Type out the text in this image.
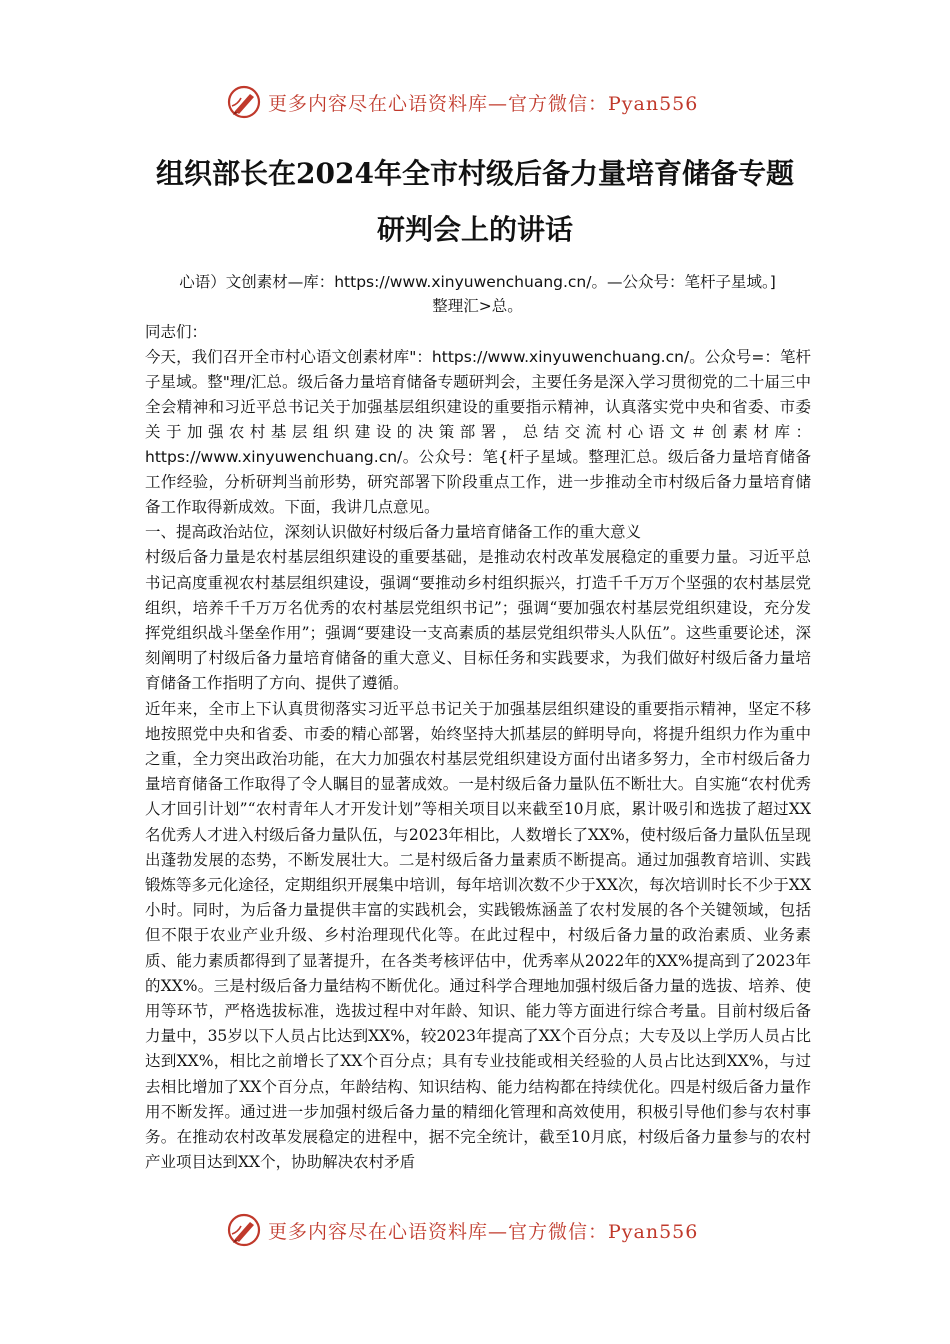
更多内容尽在心语资料库—官方微信：Pyan556
组织部长在2024年全市村级后备力量培育储备专题
研判会上的讲话
心语）文创素材—库：https://www.xinyuwenchuang.cn/。—公众号：笔杆子星域。]
整理汇>总。

同志们：

今天，我们召开全市村心语文创素材库"：https://www.xinyuwenchuang.cn/。公众号=：笔杆子星域。整"理/汇总。级后备力量培育储备专题研判会，主要任务是深入学习贯彻党的二十届三中全会精神和习近平总书记关于加强基层组织建设的重要指示精神，认真落实党中央和省委、市委关于加强农村基层组织建设的决策部署，总结交流村心语文＃创素材库：https://www.xinyuwenchuang.cn/。公众号：笔{杆子星域。整理汇总。级后备力量培育储备工作经验，分析研判当前形势，研究部署下阶段重点工作，进一步推动全市村级后备力量培育储备工作取得新成效。下面，我讲几点意见。

一、提高政治站位，深刻认识做好村级后备力量培育储备工作的重大意义

村级后备力量是农村基层组织建设的重要基础，是推动农村改革发展稳定的重要力量。习近平总书记高度重视农村基层组织建设，强调“要推动乡村组织振兴，打造千千万万个坚强的农村基层党组织，培养千千万万名优秀的农村基层党组织书记”；强调“要加强农村基层党组织建设，充分发挥党组织战斗堡垒作用”；强调“要建设一支高素质的基层党组织带头人队伍”。这些重要论述，深刻阐明了村级后备力量培育储备的重大意义、目标任务和实践要求，为我们做好村级后备力量培育储备工作指明了方向、提供了遵循。

近年来，全市上下认真贯彻落实习近平总书记关于加强基层组织建设的重要指示精神，坚定不移地按照党中央和省委、市委的精心部署，始终坚持大抓基层的鲜明导向，将提升组织力作为重中之重，全力突出政治功能，在大力加强农村基层党组织建设方面付出诸多努力，全市村级后备力量培育储备工作取得了令人瞩目的显著成效。一是村级后备力量队伍不断壮大。自实施“农村优秀人才回引计划”“农村青年人才开发计划”等相关项目以来截至10月底，累计吸引和选拔了超过XX名优秀人才进入村级后备力量队伍，与2023年相比，人数增长了XX%，使村级后备力量队伍呈现出蓬勃发展的态势，不断发展壮大。二是村级后备力量素质不断提高。通过加强教育培训、实践锻炼等多元化途径，定期组织开展集中培训，每年培训次数不少于XX次，每次培训时长不少于XX小时。同时，为后备力量提供丰富的实践机会，实践锻炼涵盖了农村发展的各个关键领域，包括但不限于农业产业升级、乡村治理现代化等。在此过程中，村级后备力量的政治素质、业务素质、能力素质都得到了显著提升，在各类考核评估中，优秀率从2022年的XX%提高到了2023年的XX%。三是村级后备力量结构不断优化。通过科学合理地加强村级后备力量的选拔、培养、使用等环节，严格选拔标准，选拔过程中对年龄、知识、能力等方面进行综合考量。目前村级后备力量中，35岁以下人员占比达到XX%，较2023年提高了XX个百分点；大专及以上学历人员占比达到XX%，相比之前增长了XX个百分点；具有专业技能或相关经验的人员占比达到XX%，与过去相比增加了XX个百分点，年龄结构、知识结构、能力结构都在持续优化。四是村级后备力量作用不断发挥。通过进一步加强村级后备力量的精细化管理和高效使用，积极引导他们参与农村事务。在推动农村改革发展稳定的进程中，据不完全统计，截至10月底，村级后备力量参与的农村产业项目达到XX个，协助解决农村矛盾

更多内容尽在心语资料库—官方微信：Pyan556
